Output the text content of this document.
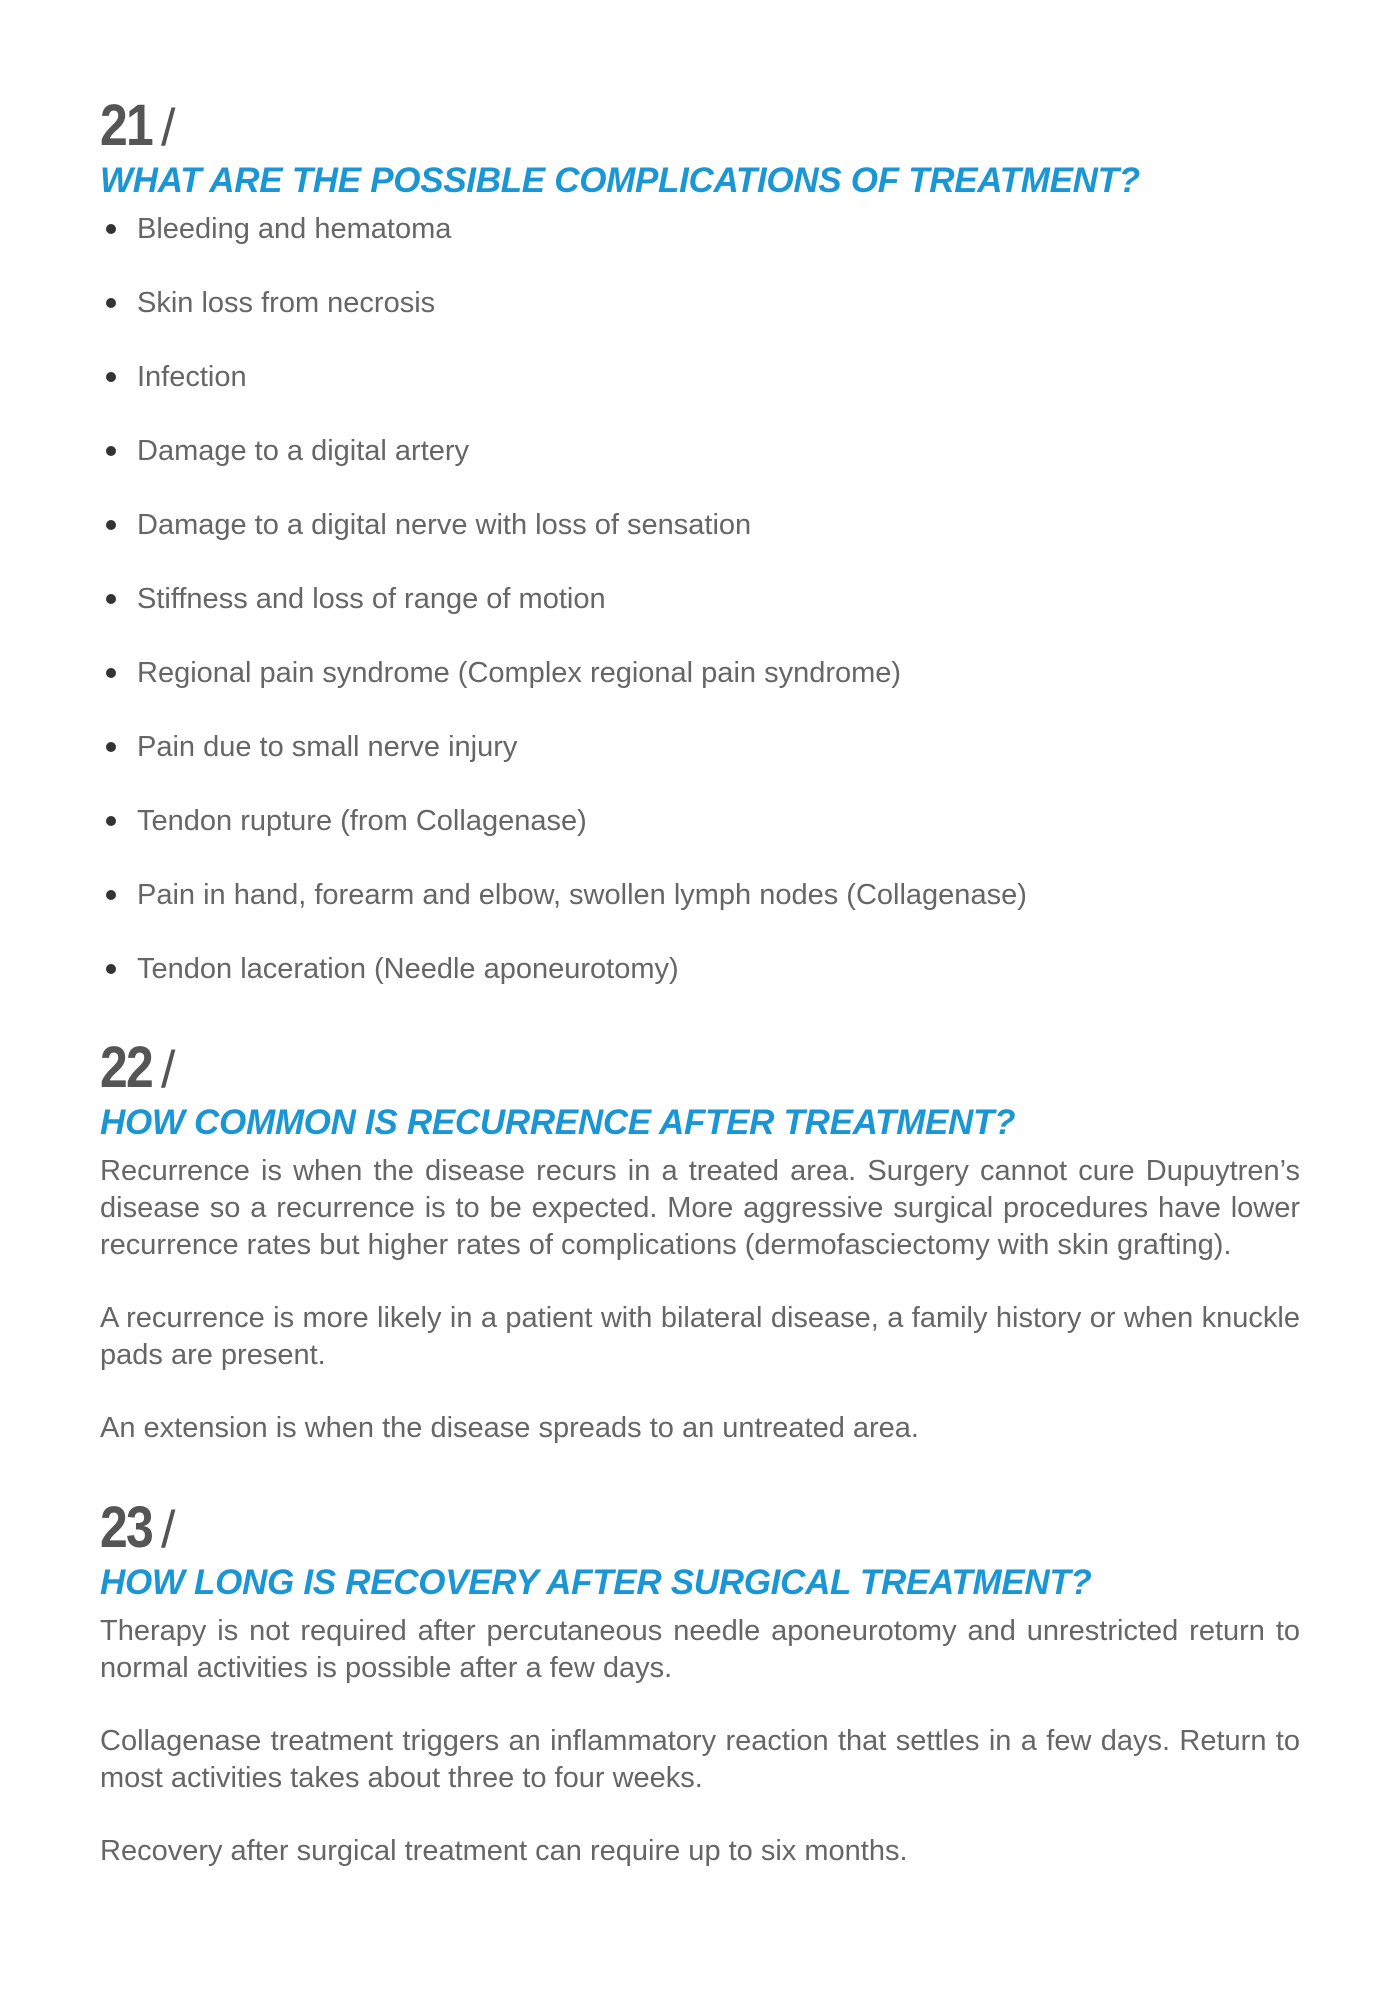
21 /
WHAT ARE THE POSSIBLE COMPLICATIONS OF TREATMENT?
Bleeding and hematoma
Skin loss from necrosis
Infection
Damage to a digital artery
Damage to a digital nerve with loss of sensation
Stiffness and loss of range of motion
Regional pain syndrome (Complex regional pain syndrome)
Pain due to small nerve injury
Tendon rupture (from Collagenase)
Pain in hand, forearm and elbow, swollen lymph nodes (Collagenase)
Tendon laceration (Needle aponeurotomy)
22 /
HOW COMMON IS RECURRENCE AFTER TREATMENT?

Recurrence is when the disease recurs in a treated area. Surgery cannot cure Dupuytren’s disease so a recurrence is to be expected. More aggressive surgical procedures have lower recurrence rates but higher rates of complications (dermofasciectomy with skin grafting).

A recurrence is more likely in a patient with bilateral disease, a family history or when knuckle pads are present.

An extension is when the disease spreads to an untreated area.

23 /
HOW LONG IS RECOVERY AFTER SURGICAL TREATMENT?

Therapy is not required after percutaneous needle aponeurotomy and unrestricted return to normal activities is possible after a few days.

Collagenase treatment triggers an inflammatory reaction that settles in a few days. Return to most activities takes about three to four weeks.

Recovery after surgical treatment can require up to six months.
